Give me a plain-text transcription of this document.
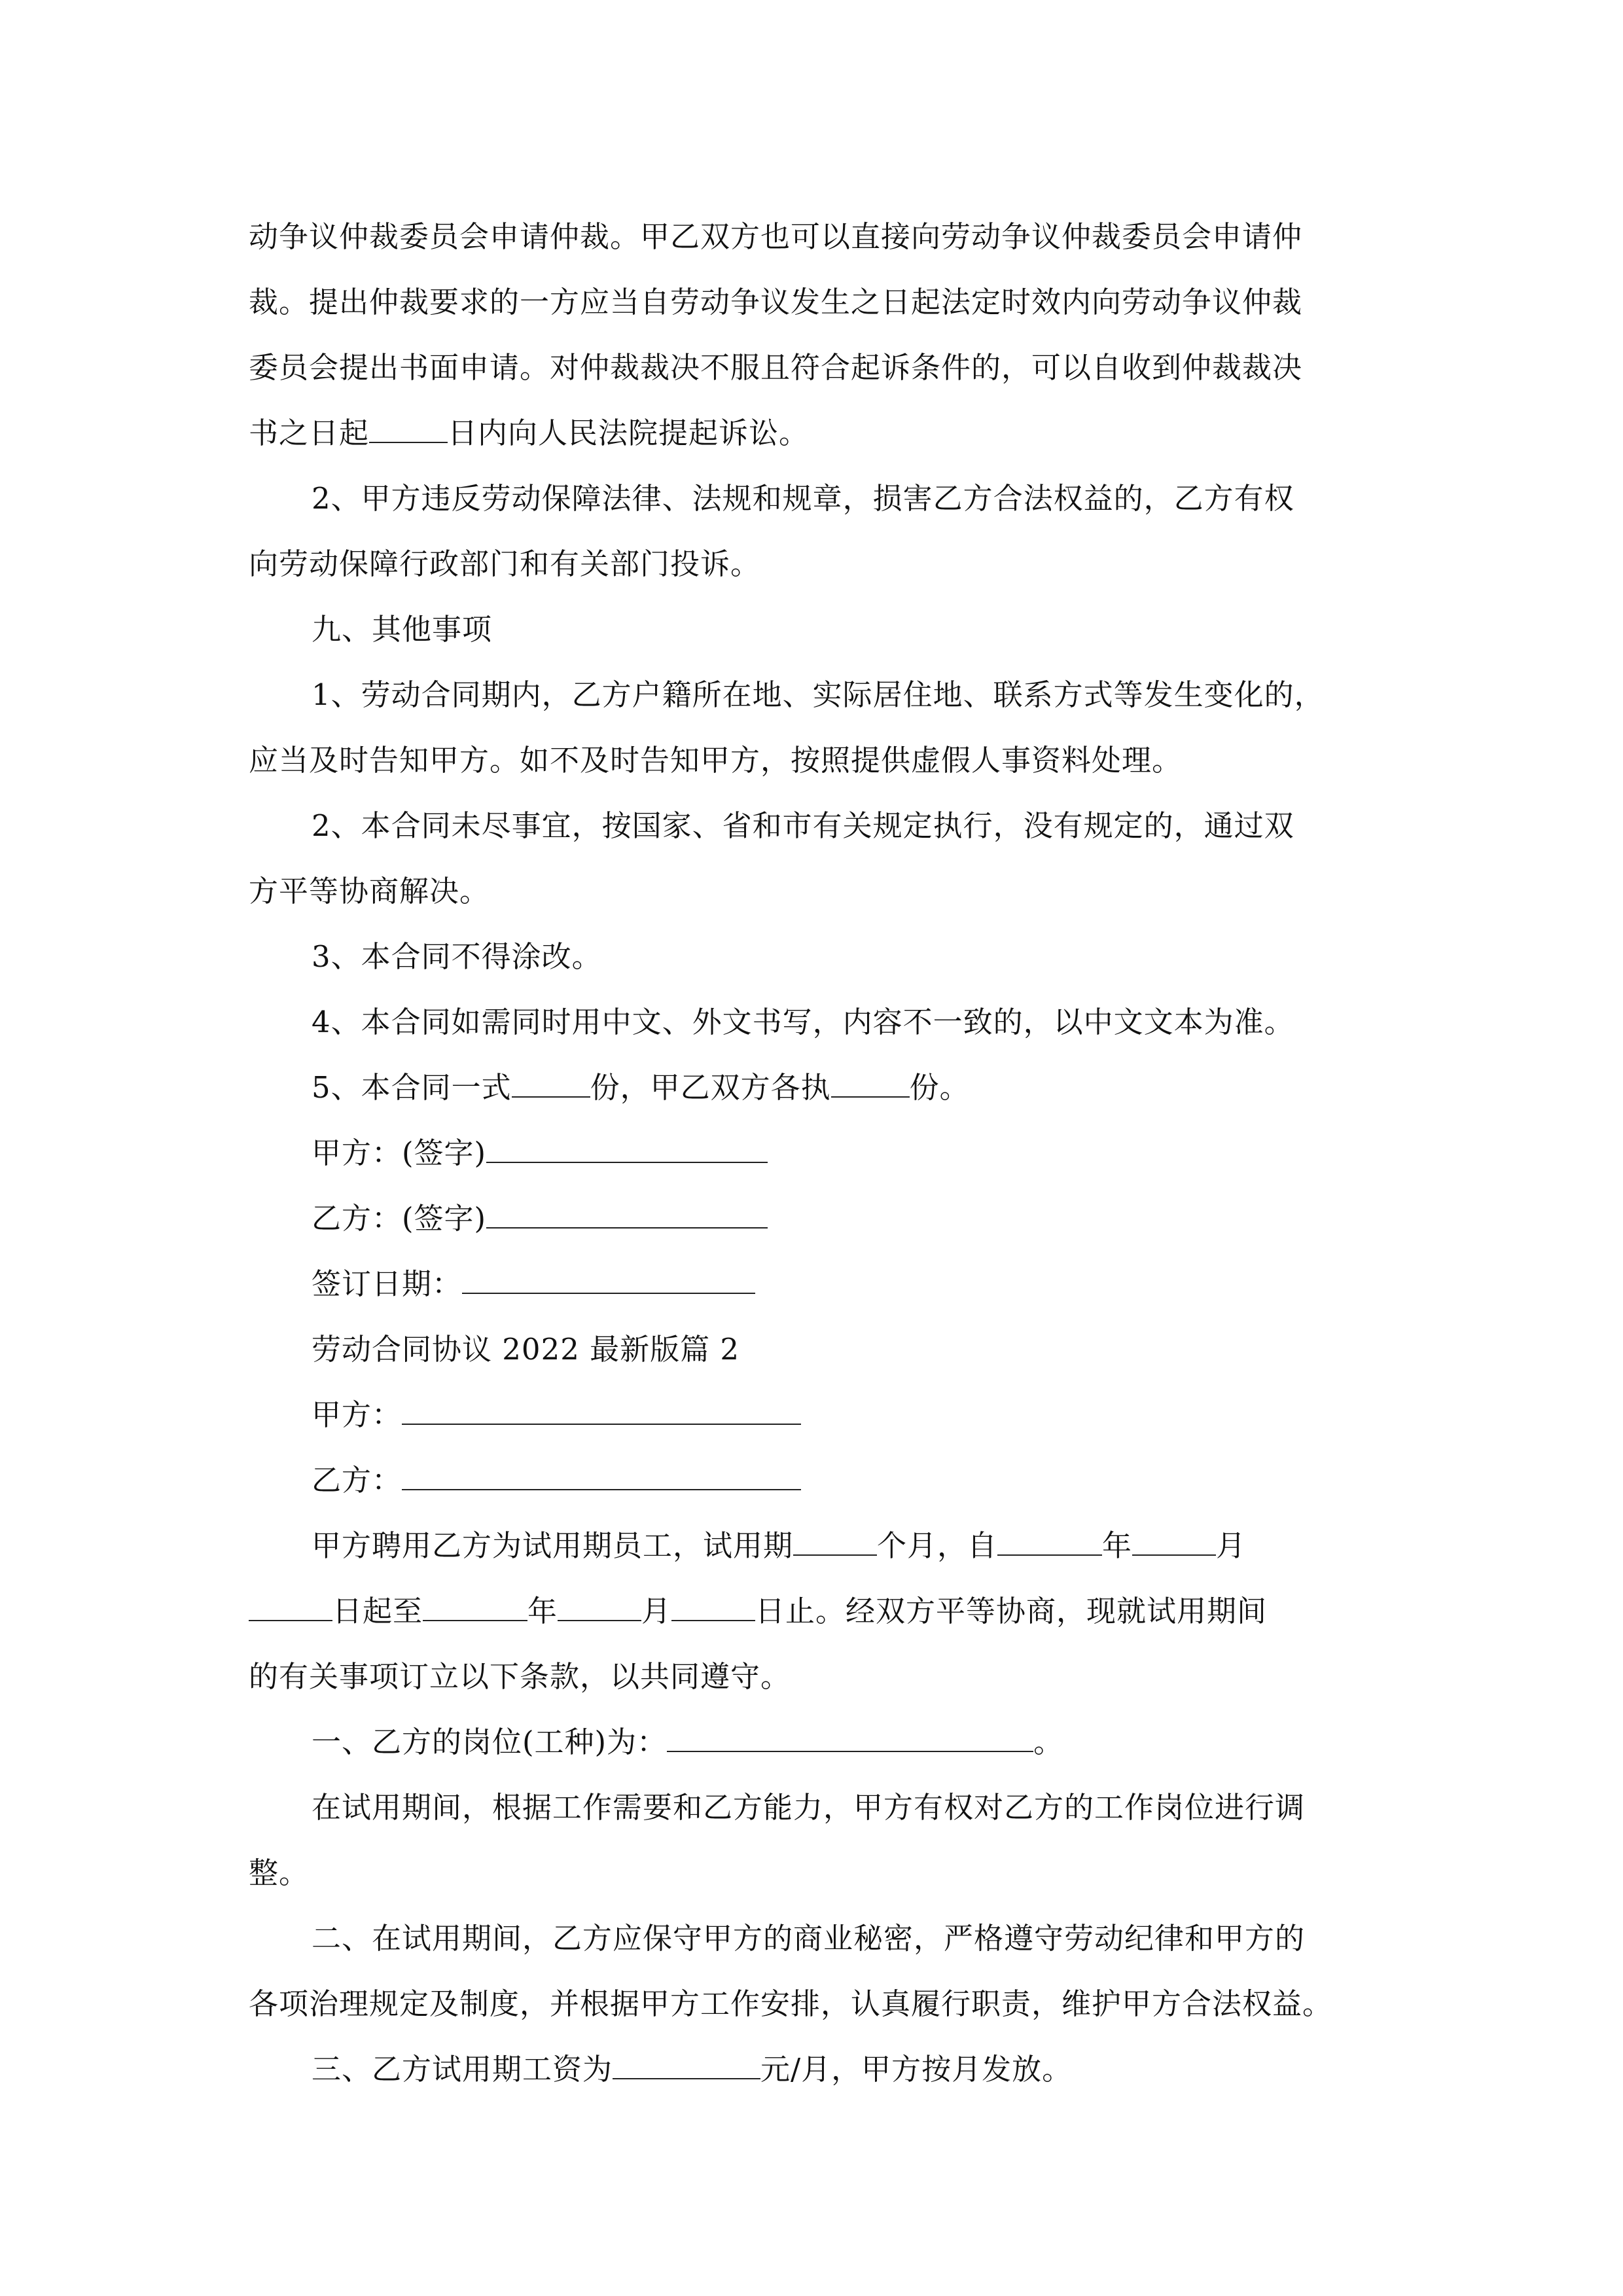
动争议仲裁委员会申请仲裁。甲乙双方也可以直接向劳动争议仲裁委员会申请仲
裁。提出仲裁要求的一方应当自劳动争议发生之日起法定时效内向劳动争议仲裁
委员会提出书面申请。对仲裁裁决不服且符合起诉条件的，可以自收到仲裁裁决
书之日起	日内向人民法院提起诉讼。
2、甲方违反劳动保障法律、法规和规章，损害乙方合法权益的，乙方有权
向劳动保障行政部门和有关部门投诉。
九、其他事项
1、劳动合同期内，乙方户籍所在地、实际居住地、联系方式等发生变化的，
应当及时告知甲方。如不及时告知甲方，按照提供虚假人事资料处理。
2、本合同未尽事宜，按国家、省和市有关规定执行，没有规定的，通过双
方平等协商解决。
3、本合同不得涂改。
4、本合同如需同时用中文、外文书写，内容不一致的，以中文文本为准。
5、本合同一式	份，甲乙双方各执	份。
甲方：(签字)
乙方：(签字)
签订日期：
劳动合同协议 2022 最新版篇 2
甲方：
乙方：
甲方聘用乙方为试用期员工，试用期	个月，自	年	月
日起至	年	月	日止。经双方平等协商，现就试用期间
的有关事项订立以下条款，以共同遵守。
一、乙方的岗位(工种)为：	。
在试用期间，根据工作需要和乙方能力，甲方有权对乙方的工作岗位进行调
整。
二、在试用期间，乙方应保守甲方的商业秘密，严格遵守劳动纪律和甲方的
各项治理规定及制度，并根据甲方工作安排，认真履行职责，维护甲方合法权益。
三、乙方试用期工资为	元/月，甲方按月发放。
